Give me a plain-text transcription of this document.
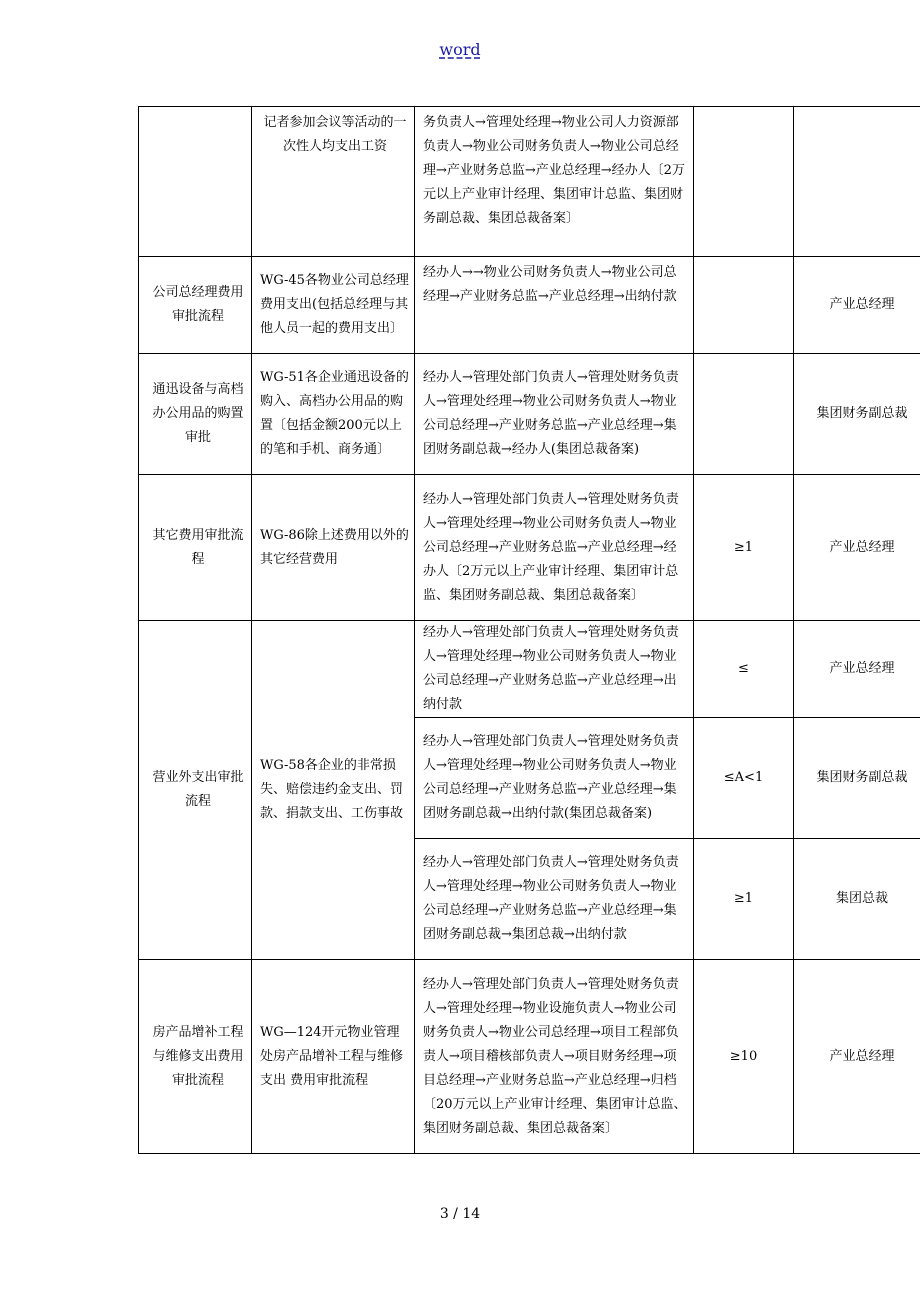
word
	记者参加会议等活动的一次性人均支出工资	务负责人→管理处经理→物业公司人力资源部负责人→物业公司财务负责人→物业公司总经理→产业财务总监→产业总经理→经办人〔2万元以上产业审计经理、集团审计总监、集团财务副总裁、集团总裁备案〕		
公司总经理费用审批流程	WG-45各物业公司总经理费用支出(包括总经理与其他人员一起的费用支出〕	经办人→→物业公司财务负责人→物业公司总经理→产业财务总监→产业总经理→出纳付款		产业总经理
通迅设备与高档办公用品的购置审批	WG-51各企业通迅设备的购入、高档办公用品的购置〔包括金额200元以上的笔和手机、商务通〕	经办人→管理处部门负责人→管理处财务负责人→管理处经理→物业公司财务负责人→物业公司总经理→产业财务总监→产业总经理→集团财务副总裁→经办人(集团总裁备案)		集团财务副总裁
其它费用审批流程	WG-86除上述费用以外的其它经营费用	经办人→管理处部门负责人→管理处财务负责人→管理处经理→物业公司财务负责人→物业公司总经理→产业财务总监→产业总经理→经办人〔2万元以上产业审计经理、集团审计总监、集团财务副总裁、集团总裁备案〕	≥1	产业总经理
营业外支出审批流程	WG-58各企业的非常损失、赔偿违约金支出、罚款、捐款支出、工伤事故	经办人→管理处部门负责人→管理处财务负责人→管理处经理→物业公司财务负责人→物业公司总经理→产业财务总监→产业总经理→出纳付款	≤	产业总经理
		经办人→管理处部门负责人→管理处财务负责人→管理处经理→物业公司财务负责人→物业公司总经理→产业财务总监→产业总经理→集团财务副总裁→出纳付款(集团总裁备案)	≤A<1	集团财务副总裁
		经办人→管理处部门负责人→管理处财务负责人→管理处经理→物业公司财务负责人→物业公司总经理→产业财务总监→产业总经理→集团财务副总裁→集团总裁→出纳付款	≥1	集团总裁
房产品增补工程与维修支出费用审批流程	WG—124开元物业管理处房产品增补工程与维修支出 费用审批流程	经办人→管理处部门负责人→管理处财务负责人→管理处经理→物业设施负责人→物业公司财务负责人→物业公司总经理→项目工程部负责人→项目稽核部负责人→项目财务经理→项目总经理→产业财务总监→产业总经理→归档〔20万元以上产业审计经理、集团审计总监、集团财务副总裁、集团总裁备案〕	≥10	产业总经理
3 / 14
